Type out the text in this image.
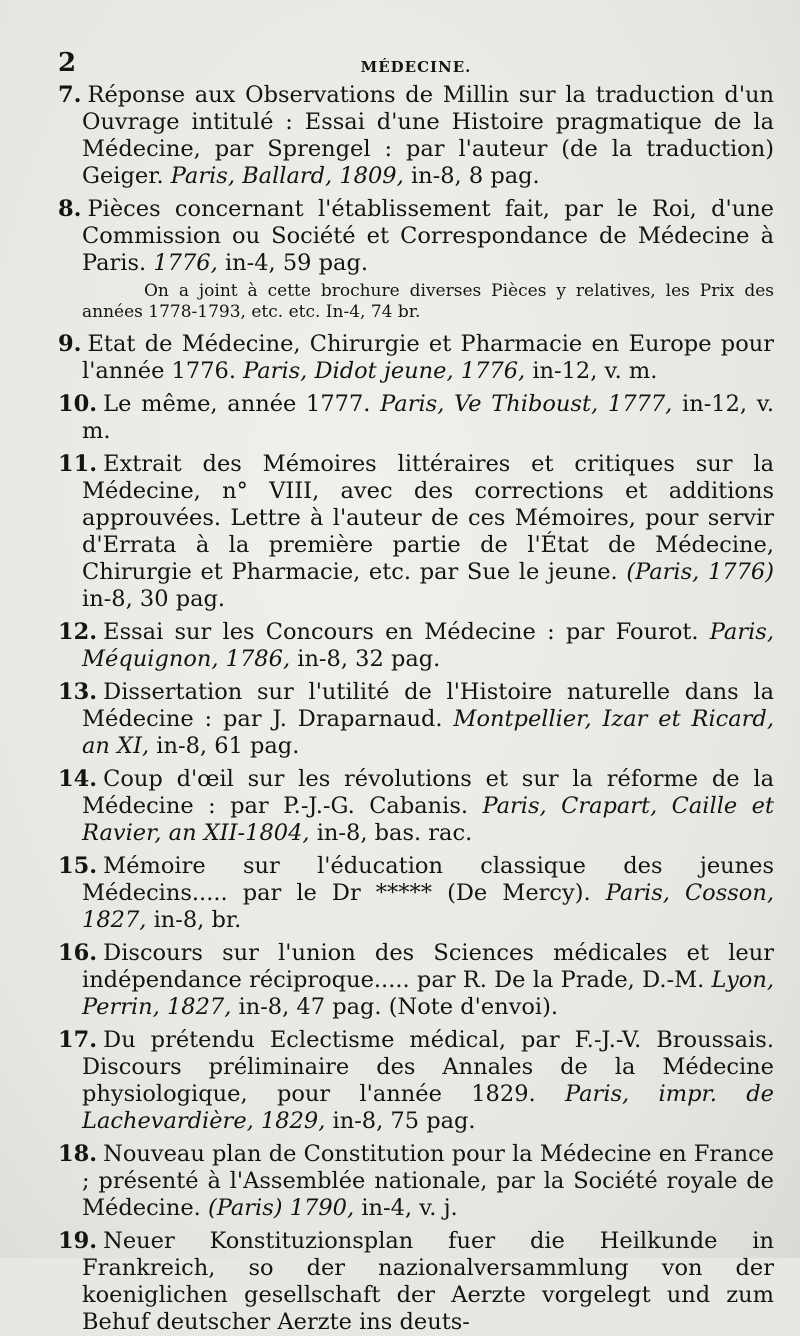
2	MÉDECINE.

7. Réponse aux Observations de Millin sur la traduction d'un Ouvrage intitulé : Essai d'une Histoire pragmatique de la Médecine, par Sprengel : par l'auteur (de la traduction) Geiger. Paris, Ballard, 1809, in-8, 8 pag.

8. Pièces concernant l'établissement fait, par le Roi, d'une Commission ou Société et Correspondance de Médecine à Paris. 1776, in-4, 59 pag.

On a joint à cette brochure diverses Pièces y relatives, les Prix des années 1778-1793, etc. etc. In-4, 74 br.

9. Etat de Médecine, Chirurgie et Pharmacie en Europe pour l'année 1776. Paris, Didot jeune, 1776, in-12, v. m.

10. Le même, année 1777. Paris, Ve Thiboust, 1777, in-12, v. m.

11. Extrait des Mémoires littéraires et critiques sur la Médecine, n° VIII, avec des corrections et additions approuvées. Lettre à l'auteur de ces Mémoires, pour servir d'Errata à la première partie de l'État de Médecine, Chirurgie et Pharmacie, etc. par Sue le jeune. (Paris, 1776) in-8, 30 pag.

12. Essai sur les Concours en Médecine : par Fourot. Paris, Méquignon, 1786, in-8, 32 pag.

13. Dissertation sur l'utilité de l'Histoire naturelle dans la Médecine : par J. Draparnaud. Montpellier, Izar et Ricard, an XI, in-8, 61 pag.

14. Coup d'œil sur les révolutions et sur la réforme de la Médecine : par P.-J.-G. Cabanis. Paris, Crapart, Caille et Ravier, an XII-1804, in-8, bas. rac.

15. Mémoire sur l'éducation classique des jeunes Médecins..... par le Dr ***** (De Mercy). Paris, Cosson, 1827, in-8, br.

16. Discours sur l'union des Sciences médicales et leur indépendance réciproque..... par R. De la Prade, D.-M. Lyon, Perrin, 1827, in-8, 47 pag. (Note d'envoi).

17. Du prétendu Eclectisme médical, par F.-J.-V. Broussais. Discours préliminaire des Annales de la Médecine physiologique, pour l'année 1829. Paris, impr. de Lachevardière, 1829, in-8, 75 pag.

18. Nouveau plan de Constitution pour la Médecine en France ; présenté à l'Assemblée nationale, par la Société royale de Médecine. (Paris) 1790, in-4, v. j.

19. Neuer Konstituzionsplan fuer die Heilkunde in Frankreich, so der nazionalversammlung von der koeniglichen gesellschaft der Aerzte vorgelegt und zum Behuf deutscher Aerzte ins deuts-
